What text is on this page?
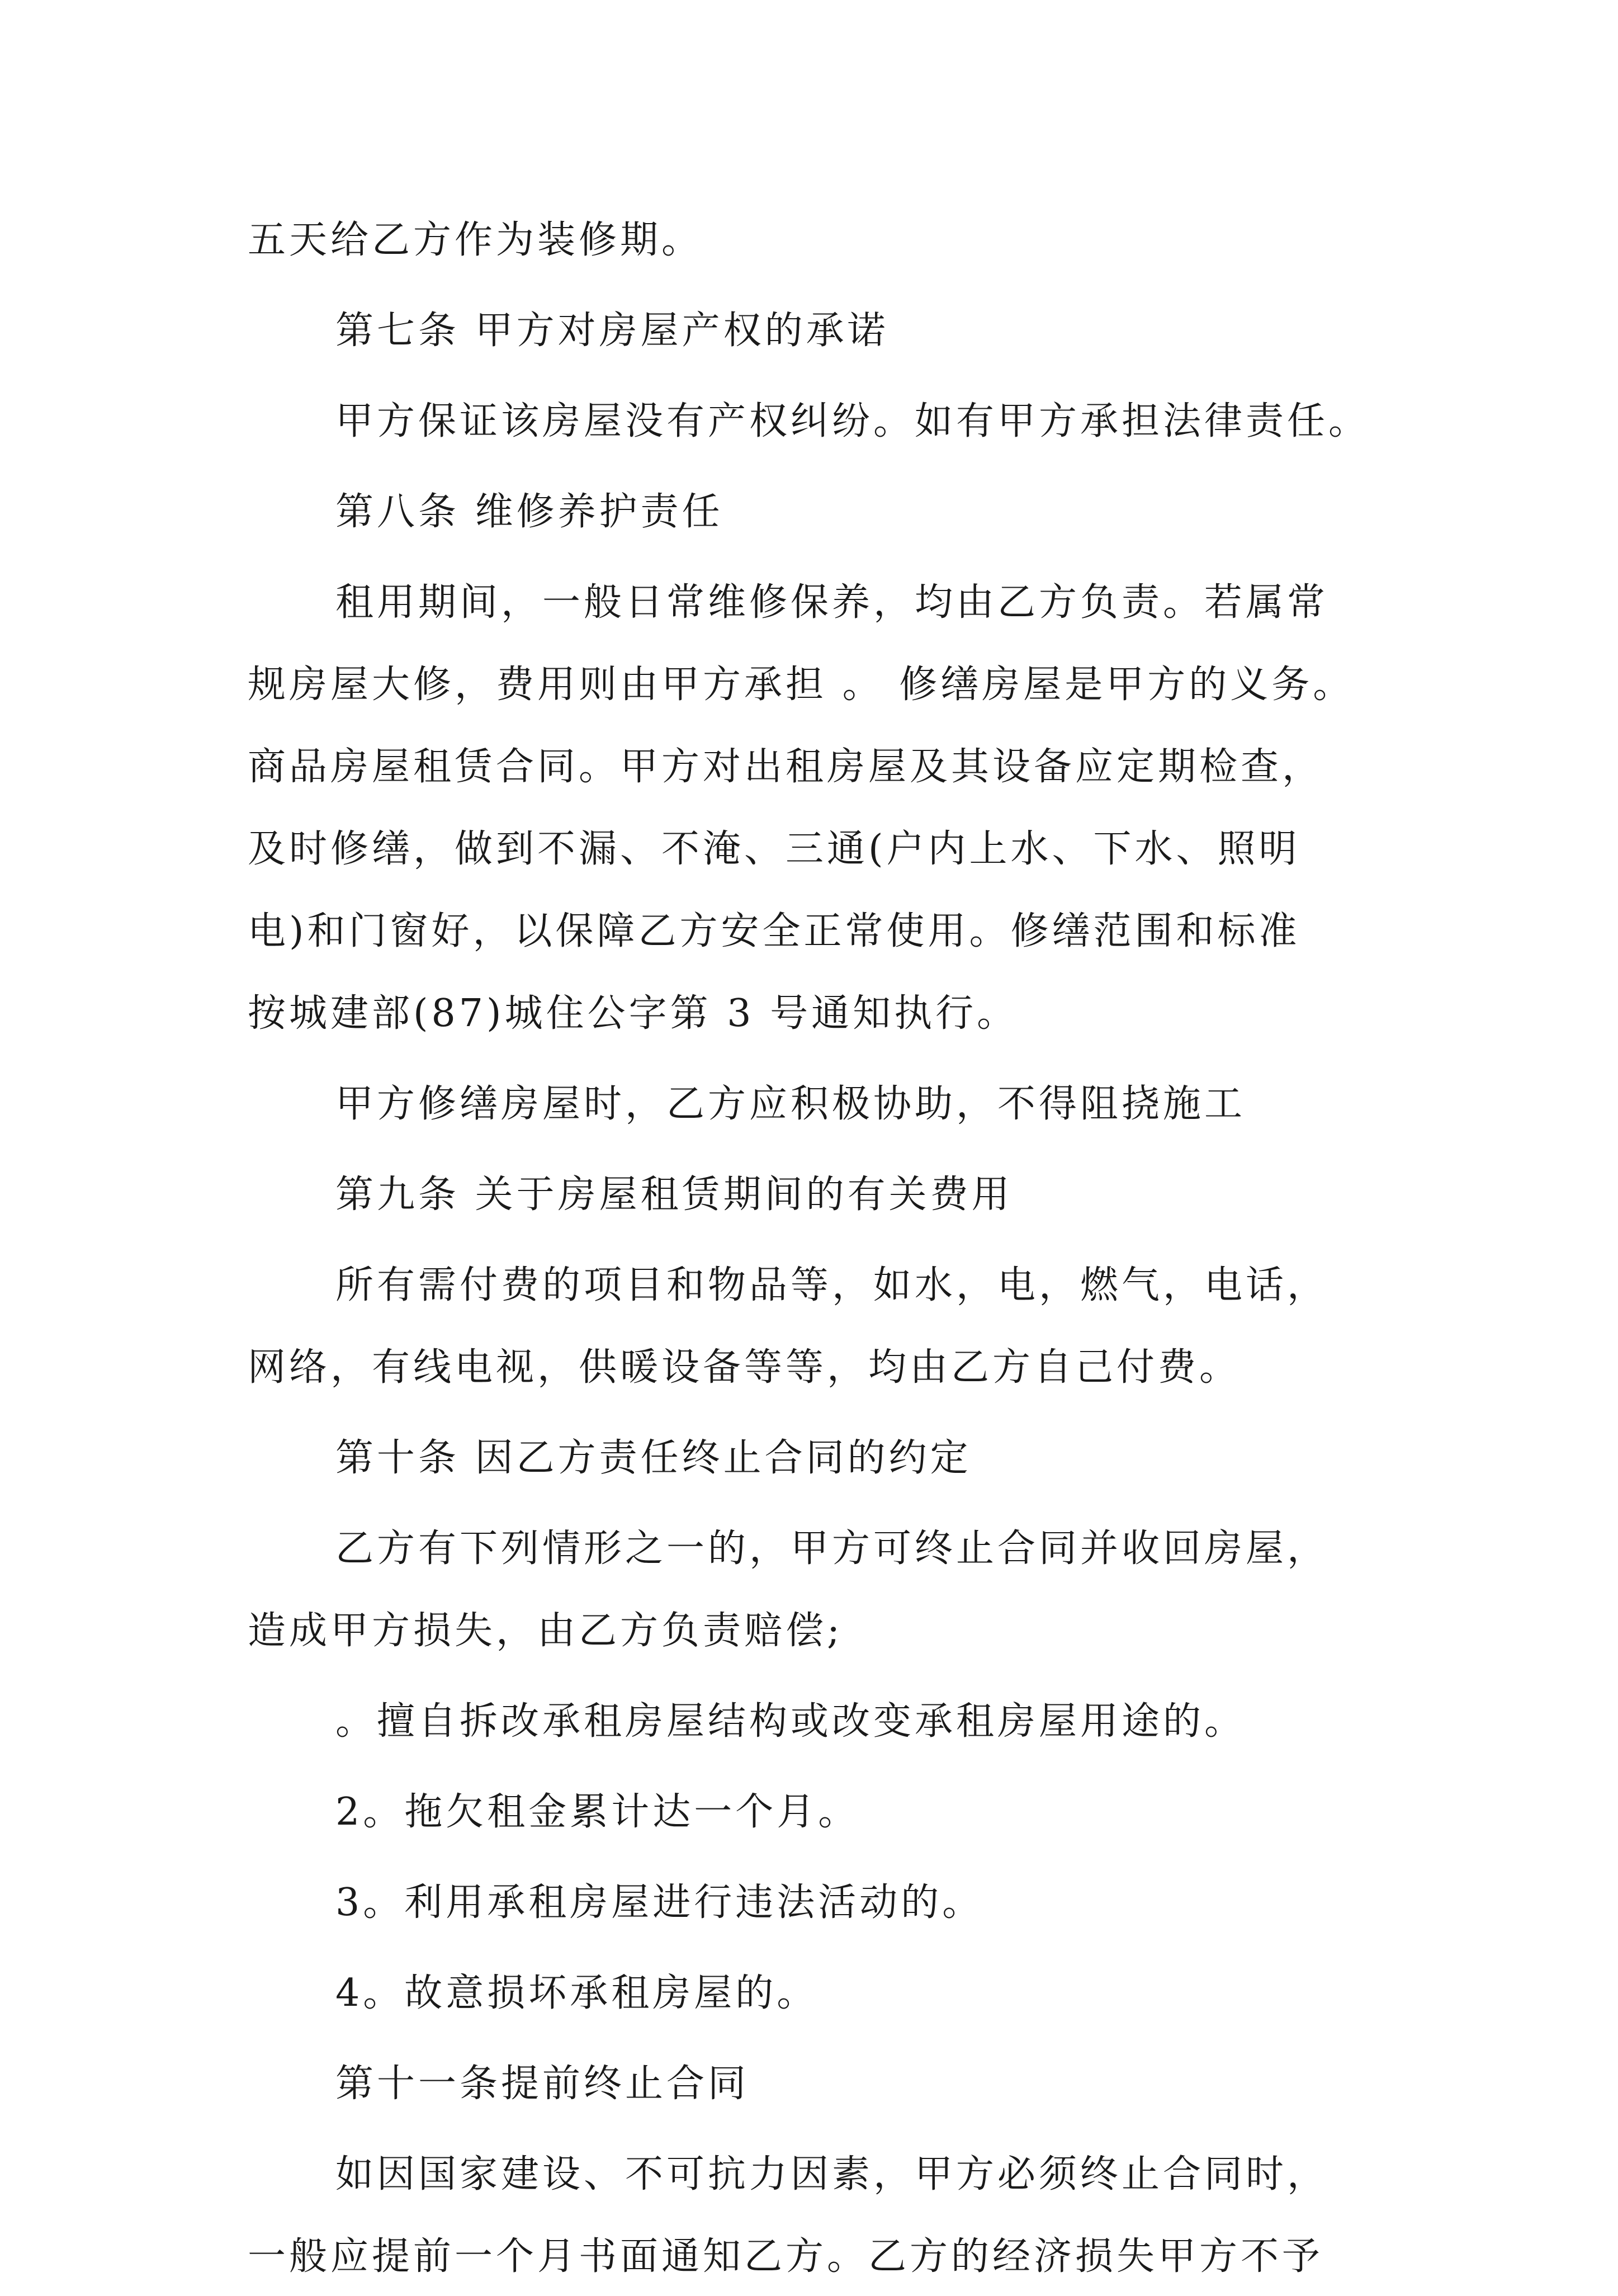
五天给乙方作为装修期。
第七条 甲方对房屋产权的承诺
甲方保证该房屋没有产权纠纷。如有甲方承担法律责任。
第八条 维修养护责任
租用期间，一般日常维修保养，均由乙方负责。若属常
规房屋大修，费用则由甲方承担 。 修缮房屋是甲方的义务。
商品房屋租赁合同。甲方对出租房屋及其设备应定期检查，
及时修缮，做到不漏、不淹、三通(户内上水、下水、照明
电)和门窗好，以保障乙方安全正常使用。修缮范围和标准
按城建部(87)城住公字第 3 号通知执行。
甲方修缮房屋时，乙方应积极协助，不得阻挠施工
第九条 关于房屋租赁期间的有关费用
所有需付费的项目和物品等，如水，电，燃气，电话，
网络，有线电视，供暖设备等等，均由乙方自己付费。
第十条 因乙方责任终止合同的约定
乙方有下列情形之一的，甲方可终止合同并收回房屋，
造成甲方损失，由乙方负责赔偿;
。擅自拆改承租房屋结构或改变承租房屋用途的。
2。拖欠租金累计达一个月。
3。利用承租房屋进行违法活动的。
4。故意损坏承租房屋的。
第十一条提前终止合同
如因国家建设、不可抗力因素，甲方必须终止合同时，
一般应提前一个月书面通知乙方。乙方的经济损失甲方不予
